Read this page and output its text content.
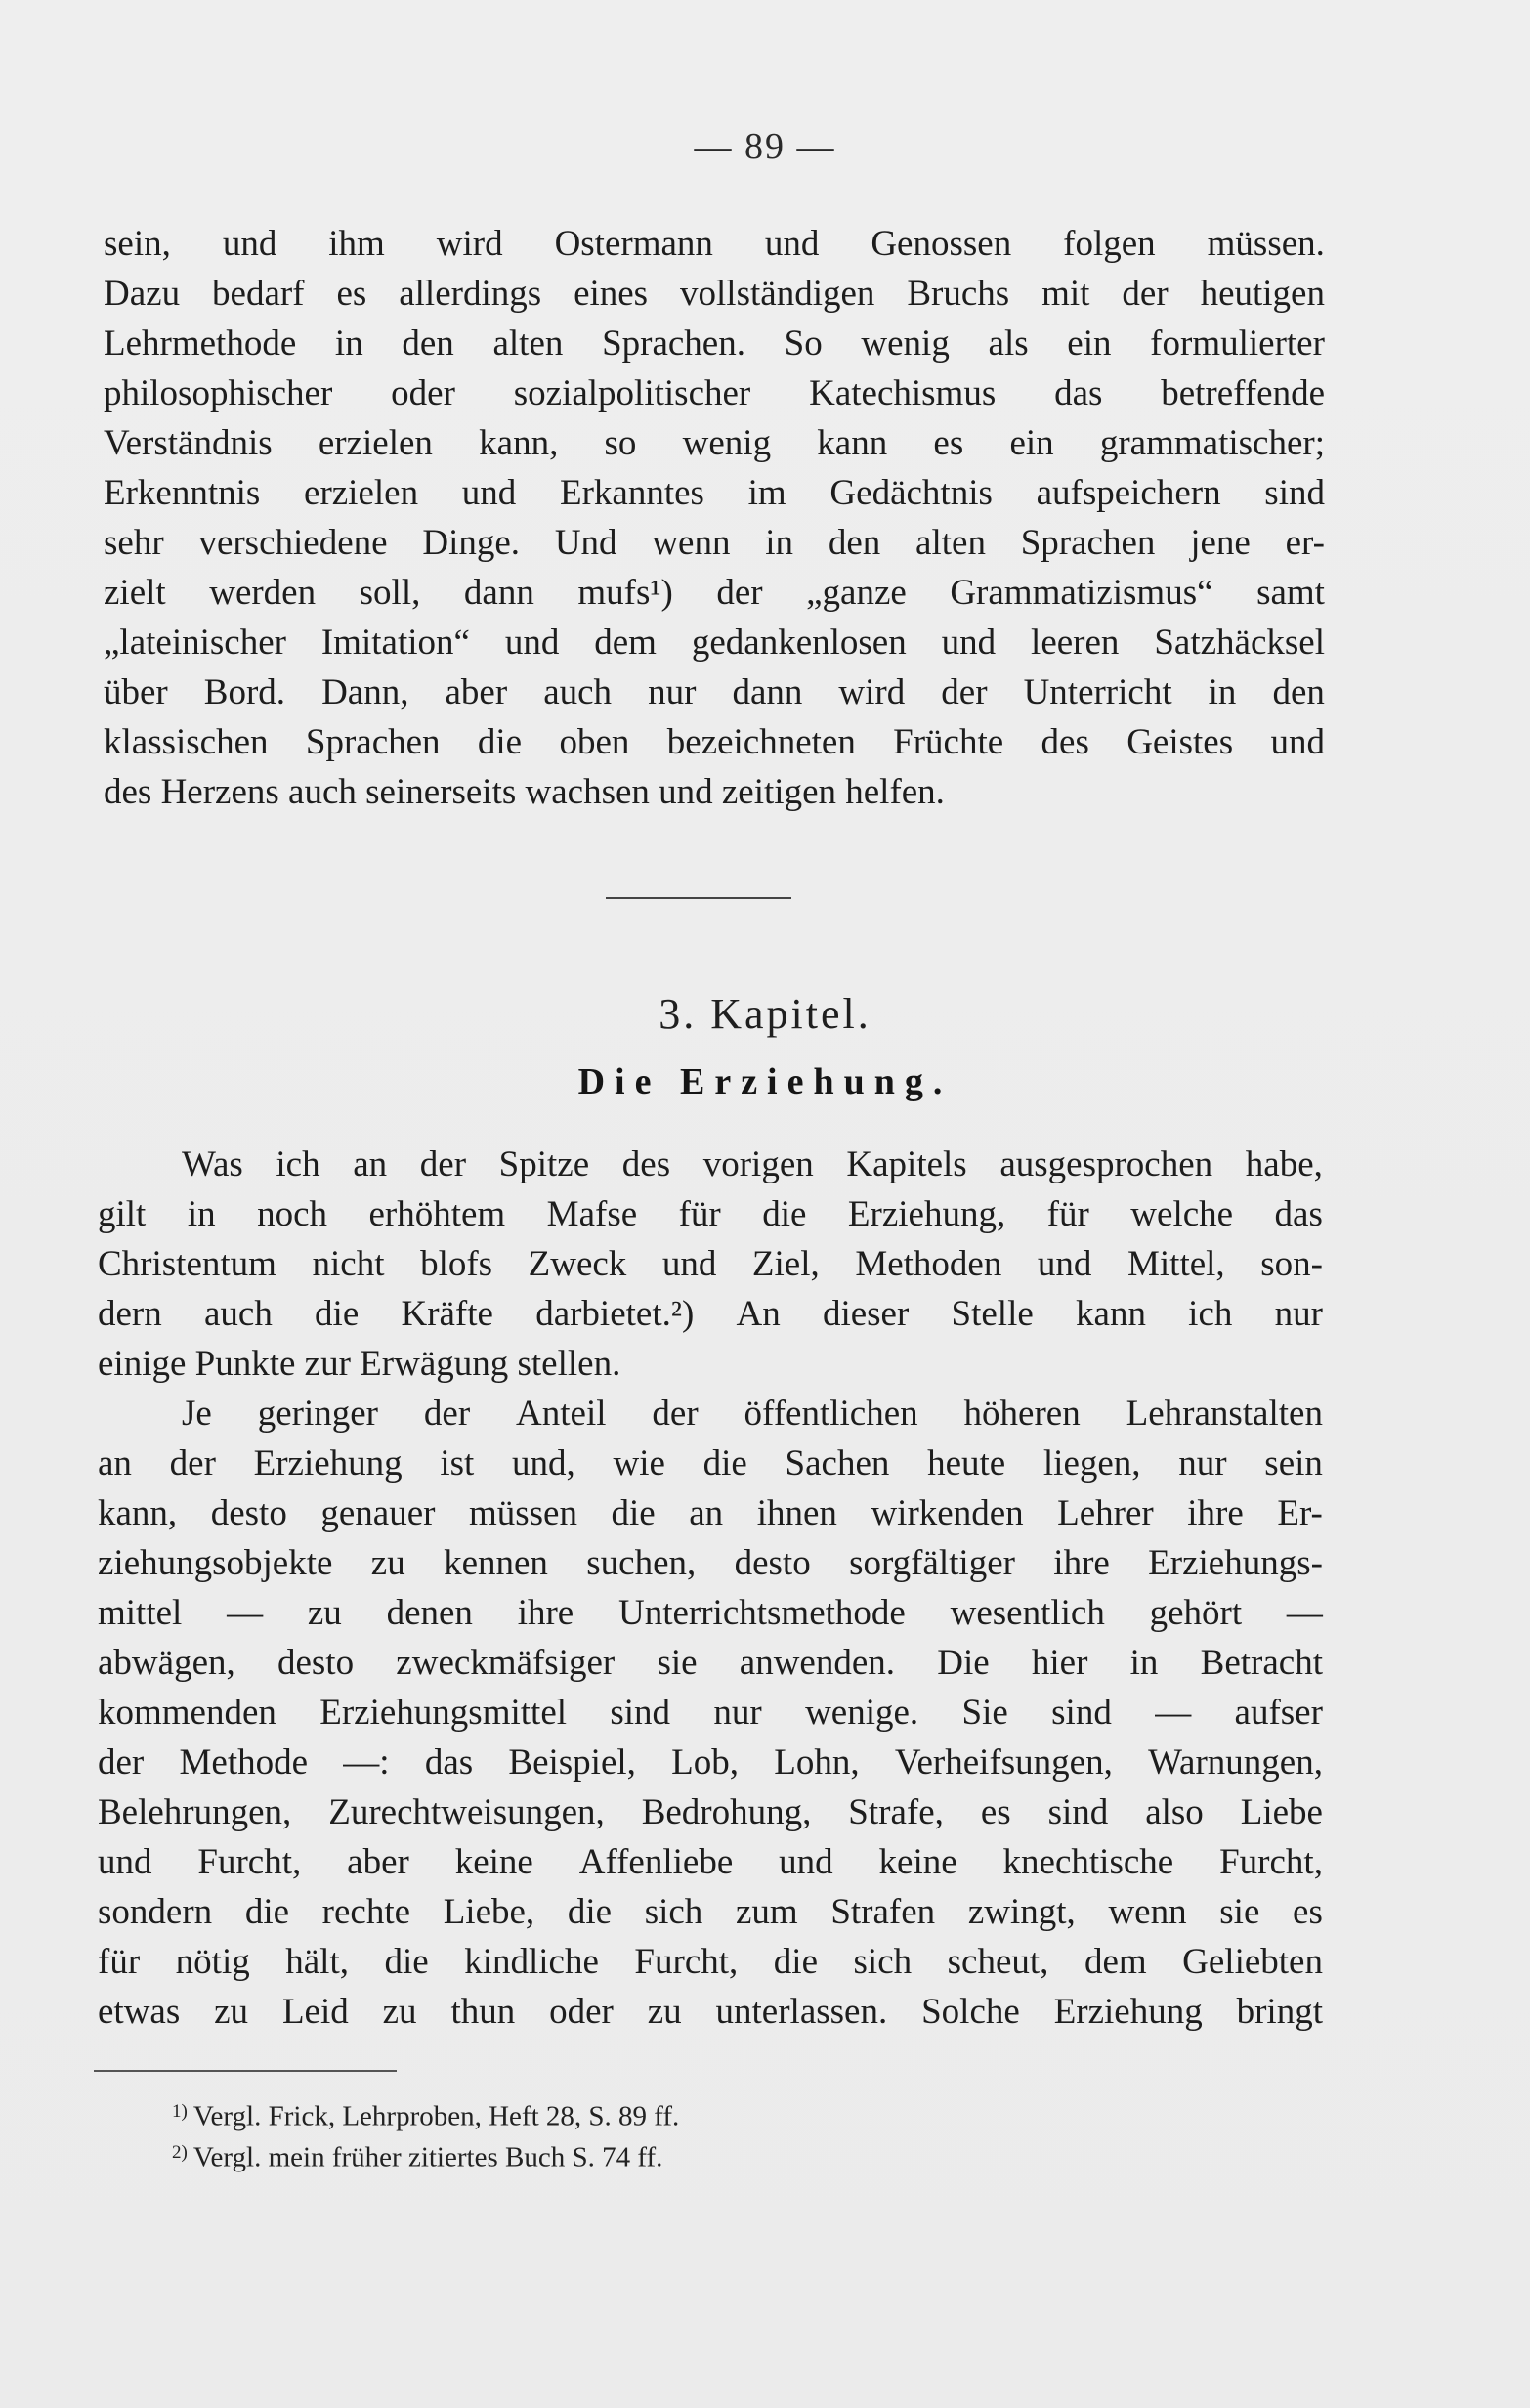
— 89 —
sein, und ihm wird Ostermann und Genossen folgen müssen.
Dazu bedarf es allerdings eines vollständigen Bruchs mit der heutigen
Lehrmethode in den alten Sprachen. So wenig als ein formulierter
philosophischer oder sozialpolitischer Katechismus das betreffende
Verständnis erzielen kann, so wenig kann es ein grammatischer;
Erkenntnis erzielen und Erkanntes im Gedächtnis aufspeichern sind
sehr verschiedene Dinge. Und wenn in den alten Sprachen jene er-
zielt werden soll, dann mufs¹) der „ganze Grammatizismus“ samt
„lateinischer Imitation“ und dem gedankenlosen und leeren Satzhäcksel
über Bord. Dann, aber auch nur dann wird der Unterricht in den
klassischen Sprachen die oben bezeichneten Früchte des Geistes und
des Herzens auch seinerseits wachsen und zeitigen helfen.
3. Kapitel.
Die Erziehung.
Was ich an der Spitze des vorigen Kapitels ausgesprochen habe,
gilt in noch erhöhtem Mafse für die Erziehung, für welche das
Christentum nicht blofs Zweck und Ziel, Methoden und Mittel, son-
dern auch die Kräfte darbietet.²) An dieser Stelle kann ich nur
einige Punkte zur Erwägung stellen.
Je geringer der Anteil der öffentlichen höheren Lehranstalten
an der Erziehung ist und, wie die Sachen heute liegen, nur sein
kann, desto genauer müssen die an ihnen wirkenden Lehrer ihre Er-
ziehungsobjekte zu kennen suchen, desto sorgfältiger ihre Erziehungs-
mittel — zu denen ihre Unterrichtsmethode wesentlich gehört —
abwägen, desto zweckmäfsiger sie anwenden. Die hier in Betracht
kommenden Erziehungsmittel sind nur wenige. Sie sind — aufser
der Methode —: das Beispiel, Lob, Lohn, Verheifsungen, Warnungen,
Belehrungen, Zurechtweisungen, Bedrohung, Strafe, es sind also Liebe
und Furcht, aber keine Affenliebe und keine knechtische Furcht,
sondern die rechte Liebe, die sich zum Strafen zwingt, wenn sie es
für nötig hält, die kindliche Furcht, die sich scheut, dem Geliebten
etwas zu Leid zu thun oder zu unterlassen. Solche Erziehung bringt
$^{1)}$ Vergl. Frick, Lehrproben, Heft 28, S. 89 ff.
$^{2)}$ Vergl. mein früher zitiertes Buch S. 74 ff.
